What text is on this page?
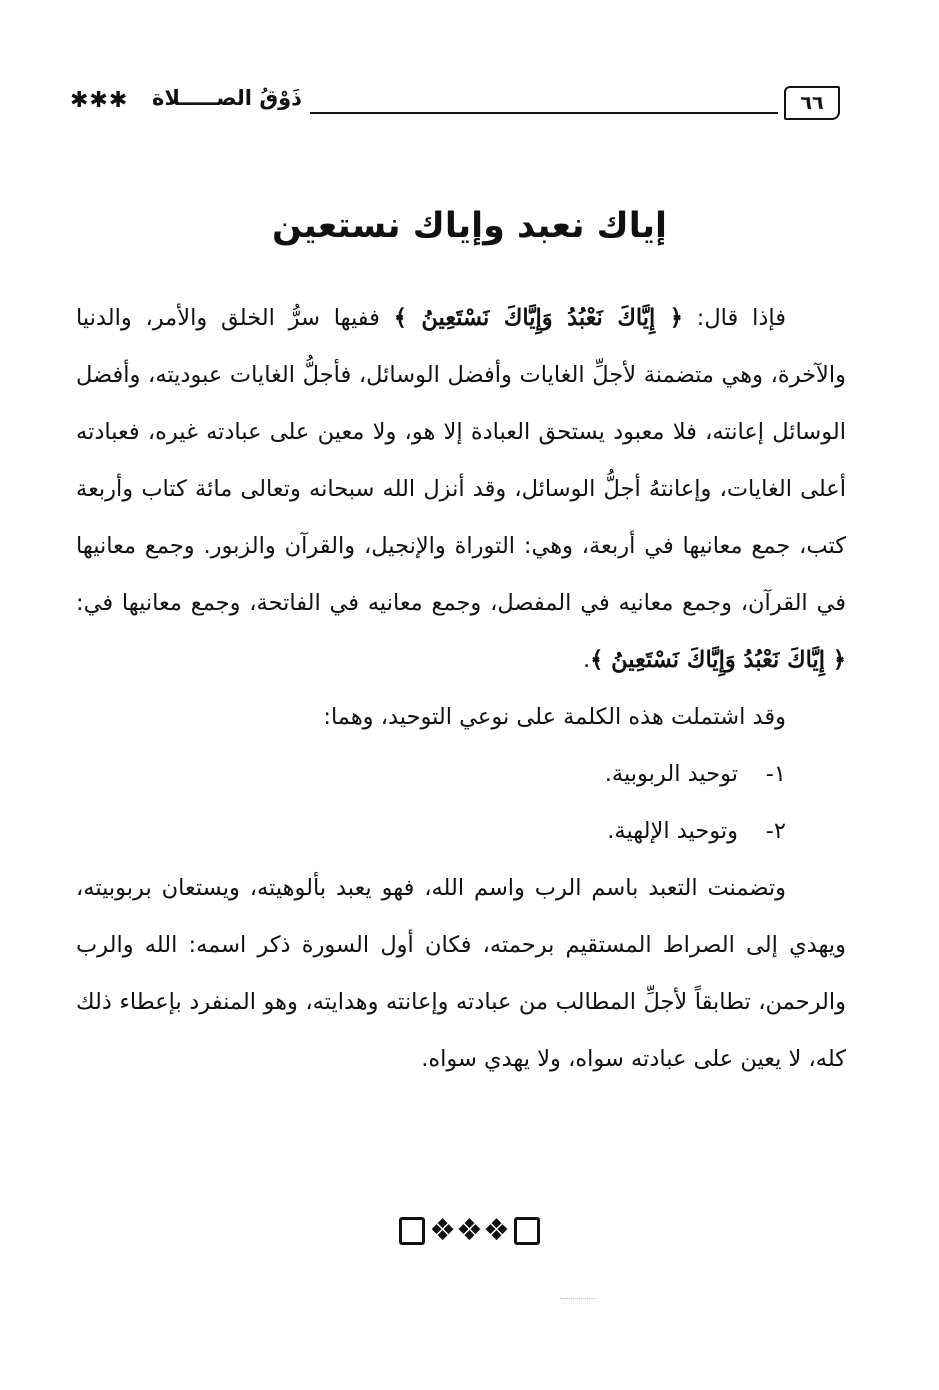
✱✱✱ ذَوْقُ الصـــــلاة	٦٦
إياك نعبد وإياك نستعين

فإذا قال: ﴿ إِيَّاكَ نَعْبُدُ وَإِيَّاكَ نَسْتَعِينُ ﴾ ففيها سرُّ الخلق والأمر، والدنيا والآخرة، وهي متضمنة لأجلِّ الغايات وأفضل الوسائل، فأجلُّ الغايات عبوديته، وأفضل الوسائل إعانته، فلا معبود يستحق العبادة إلا هو، ولا معين على عبادته غيره، فعبادته أعلى الغايات، وإعانتهُ أجلُّ الوسائل، وقد أنزل الله سبحانه وتعالى مائة كتاب وأربعة كتب، جمع معانيها في أربعة، وهي: التوراة والإنجيل، والقرآن والزبور. وجمع معانيها في القرآن، وجمع معانيه في المفصل، وجمع معانيه في الفاتحة، وجمع معانيها في: ﴿ إِيَّاكَ نَعْبُدُ وَإِيَّاكَ نَسْتَعِينُ ﴾.

وقد اشتملت هذه الكلمة على نوعي التوحيد، وهما:

١-توحيد الربوبية.

٢-وتوحيد الإلهية.

وتضمنت التعبد باسم الرب واسم الله، فهو يعبد بألوهيته، ويستعان بربوبيته، ويهدي إلى الصراط المستقيم برحمته، فكان أول السورة ذكر اسمه: الله والرب والرحمن، تطابقاً لأجلِّ المطالب من عبادته وإعانته وهدايته، وهو المنفرد بإعطاء ذلك كله، لا يعين على عبادته سواه، ولا يهدي سواه.

❖❖❖
